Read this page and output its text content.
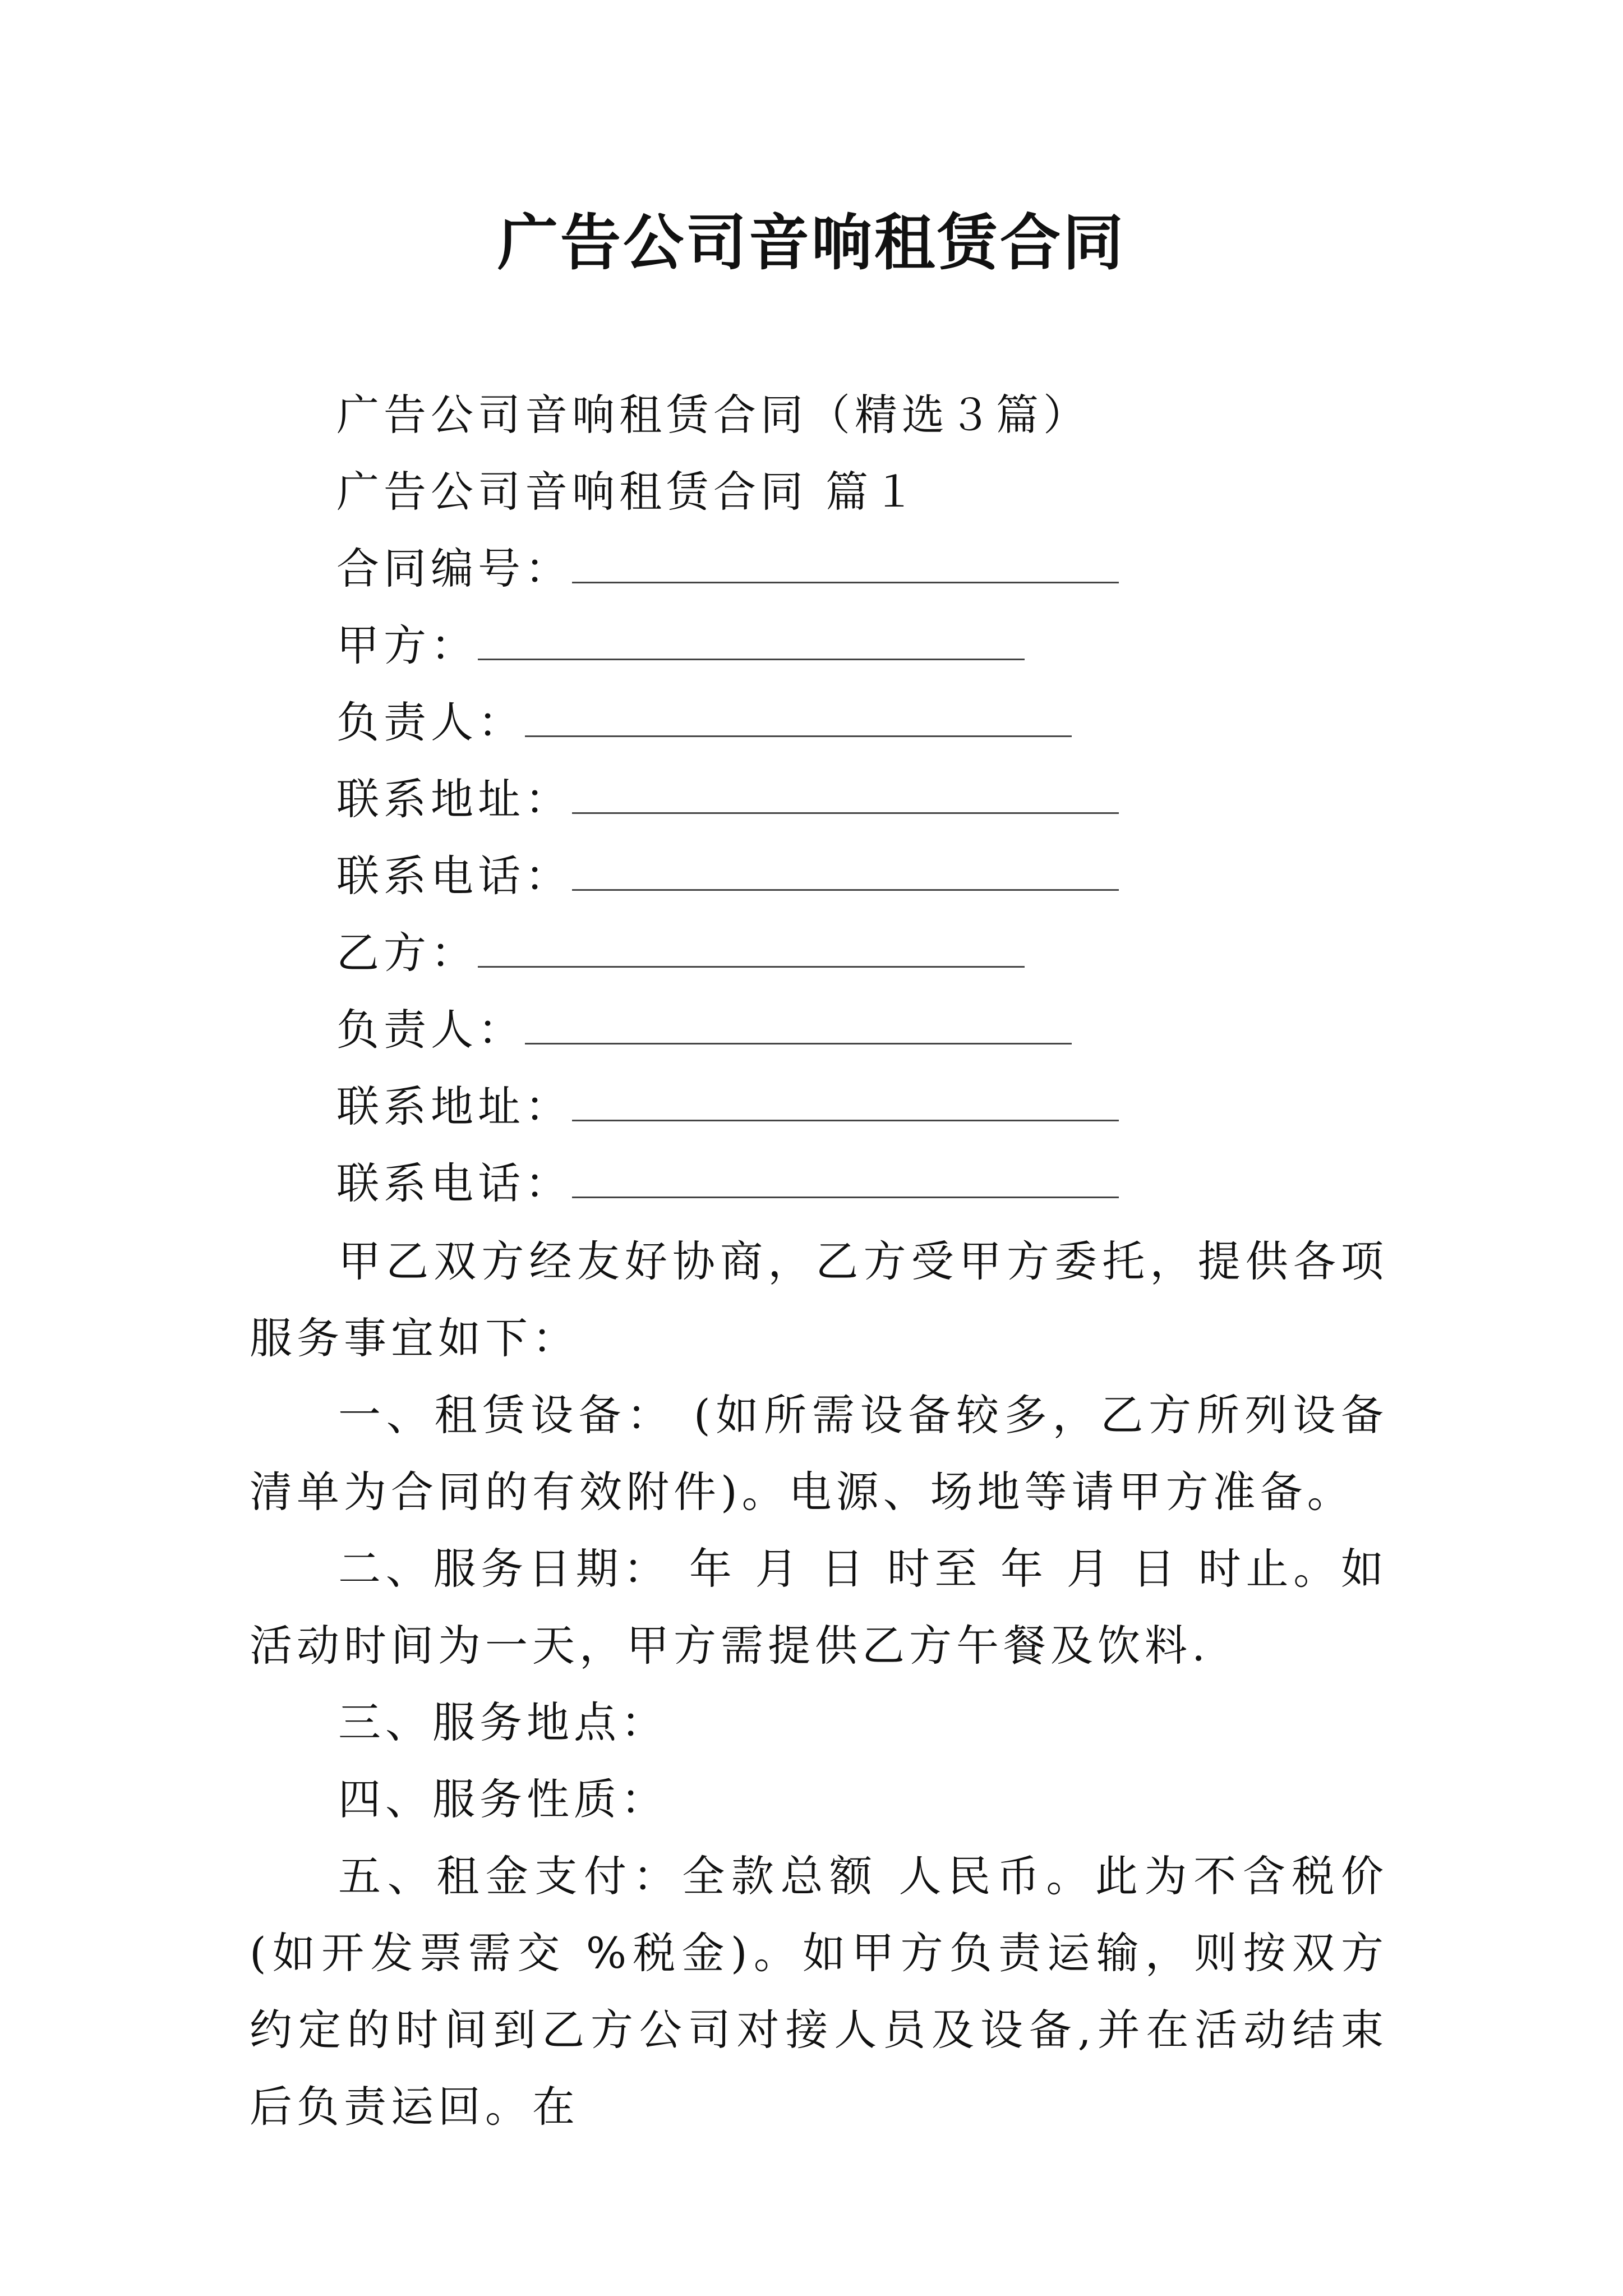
广告公司音响租赁合同
广告公司音响租赁合同（精选３篇）
广告公司音响租赁合同 篇１
合同编号：
甲方：
负责人：
联系地址：
联系电话：
乙方：
负责人：
联系地址：
联系电话：
甲乙双方经友好协商，乙方受甲方委托，提供各项服务事宜如下：
一、租赁设备： (如所需设备较多，乙方所列设备清单为合同的有效附件)。电源、场地等请甲方准备。
二、服务日期： 年 月 日 时至 年 月 日 时止。如活动时间为一天，甲方需提供乙方午餐及饮料.
三、服务地点：
四、服务性质：
五、租金支付：全款总额 人民币。此为不含税价(如开发票需交 %税金)。如甲方负责运输，则按双方约定的时间到乙方公司对接人员及设备,并在活动结束后负责运回。在
